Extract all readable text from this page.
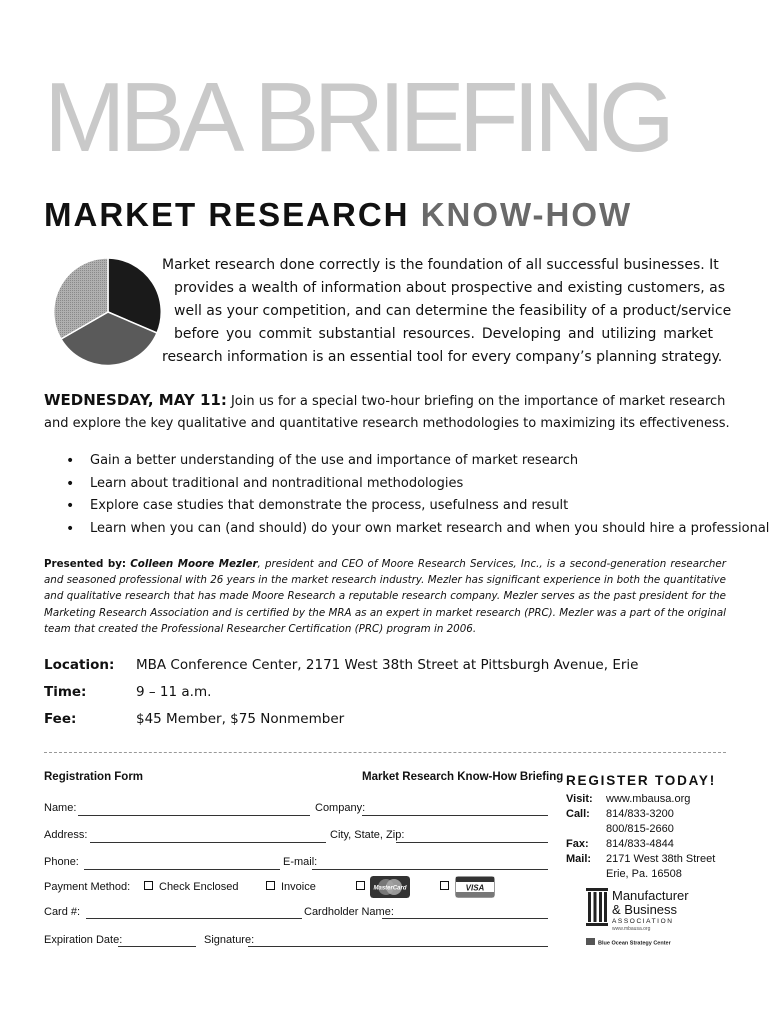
MBA BRIEFING
MARKET RESEARCH KNOW-HOW
Market research done correctly is the foundation of all successful businesses. It
provides a wealth of information about prospective and existing customers, as
well as your competition, and can determine the feasibility of a product/service
before you commit substantial resources. Developing and utilizing market
research information is an essential tool for every company’s planning strategy.
WEDNESDAY, MAY 11: Join us for a special two-hour briefing on the importance of market research and explore the key qualitative and quantitative research methodologies to maximizing its effectiveness.
• Gain a better understanding of the use and importance of market research
• Learn about traditional and nontraditional methodologies
• Explore case studies that demonstrate the process, usefulness and result
• Learn when you can (and should) do your own market research and when you should hire a professional
Presented by: Colleen Moore Mezler, president and CEO of Moore Research Services, Inc., is a second-generation researcher and seasoned professional with 26 years in the market research industry. Mezler has significant experience in both the quantitative and qualitative research that has made Moore Research a reputable research company. Mezler serves as the past president for the Marketing Research Association and is certified by the MRA as an expert in market research (PRC). Mezler was a part of the original team that created the Professional Researcher Certification (PRC) program in 2006.
Location: MBA Conference Center, 2171 West 38th Street at Pittsburgh Avenue, Erie
Time:	9 – 11 a.m.
Fee:	$45 Member, $75 Nonmember
Registration Form	Market Research Know-How Briefing
Name:	Company:
Address:	City, State, Zip:
Phone:	E-mail:
Payment Method:	Check Enclosed	Invoice	MasterCard	VISA
Card #:	Cardholder Name:
Expiration Date:	Signature:
REGISTER TODAY!
Visit: www.mbausa.org
Call: 814/833-3200
800/815-2660
Fax: 814/833-4844
Mail: 2171 West 38th Street
Erie, Pa. 16508
Manufacturer
& Business
ASSOCIATION
www.mbausa.org
Blue Ocean Strategy Center
